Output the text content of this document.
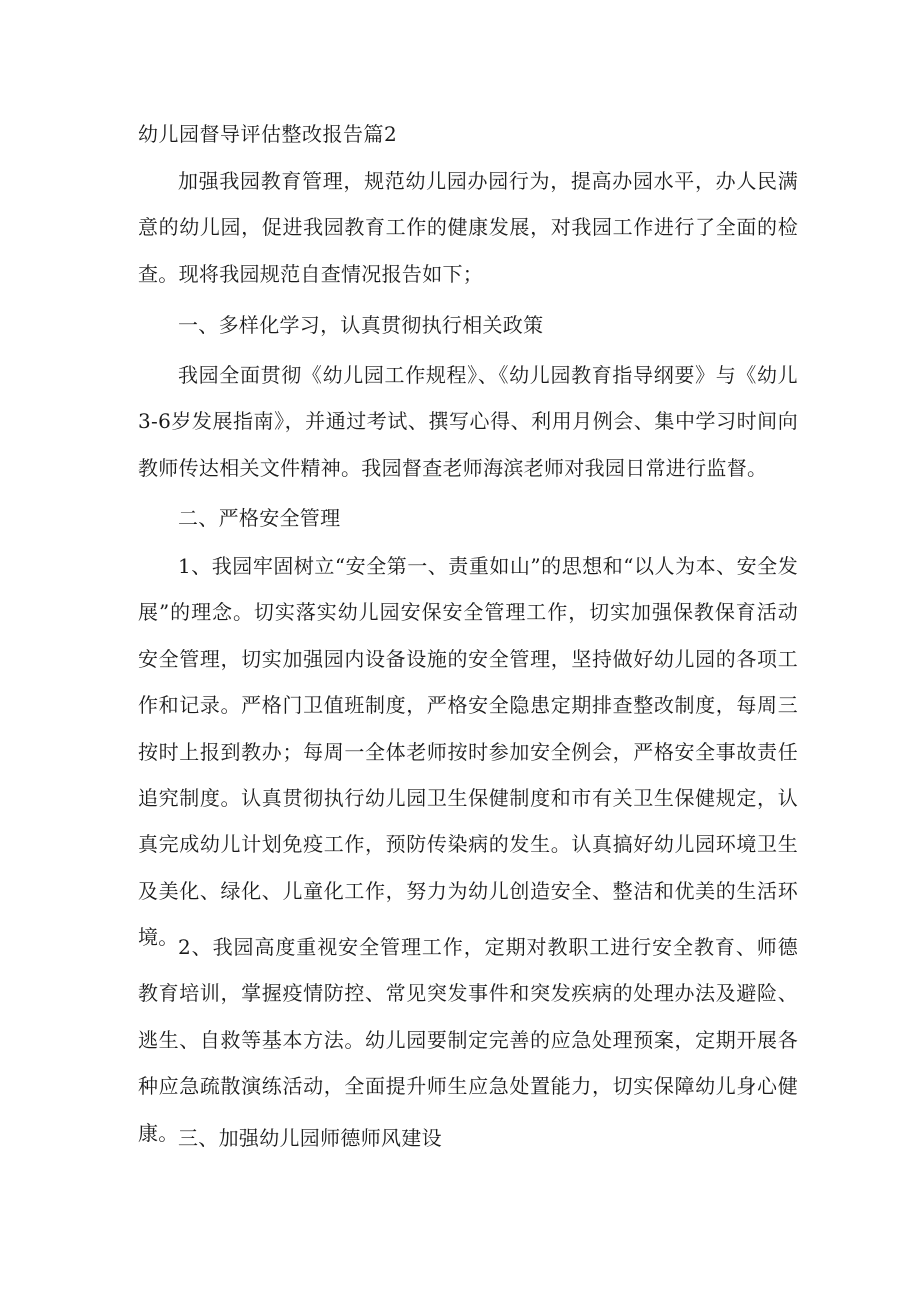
幼儿园督导评估整改报告篇2

加强我园教育管理，规范幼儿园办园行为，提高办园水平，办人民满意的幼儿园，促进我园教育工作的健康发展，对我园工作进行了全面的检查。现将我园规范自查情况报告如下；

一、多样化学习，认真贯彻执行相关政策

我园全面贯彻《幼儿园工作规程》、《幼儿园教育指导纲要》与《幼儿3-6岁发展指南》，并通过考试、撰写心得、利用月例会、集中学习时间向教师传达相关文件精神。我园督查老师海滨老师对我园日常进行监督。

二、严格安全管理

1、我园牢固树立“安全第一、责重如山”的思想和“以人为本、安全发展”的理念。切实落实幼儿园安保安全管理工作，切实加强保教保育活动安全管理，切实加强园内设备设施的安全管理，坚持做好幼儿园的各项工作和记录。严格门卫值班制度，严格安全隐患定期排查整改制度，每周三按时上报到教办；每周一全体老师按时参加安全例会，严格安全事故责任追究制度。认真贯彻执行幼儿园卫生保健制度和市有关卫生保健规定，认真完成幼儿计划免疫工作，预防传染病的发生。认真搞好幼儿园环境卫生及美化、绿化、儿童化工作，努力为幼儿创造安全、整洁和优美的生活环境。 2、我园高度重视安全管理工作，定期对教职工进行安全教育、师德教育培训，掌握疫情防控、常见突发事件和突发疾病的处理办法及避险、逃生、自救等基本方法。幼儿园要制定完善的应急处理预案，定期开展各种应急疏散演练活动，全面提升师生应急处置能力，切实保障幼儿身心健康。 三、加强幼儿园师德师风建设
